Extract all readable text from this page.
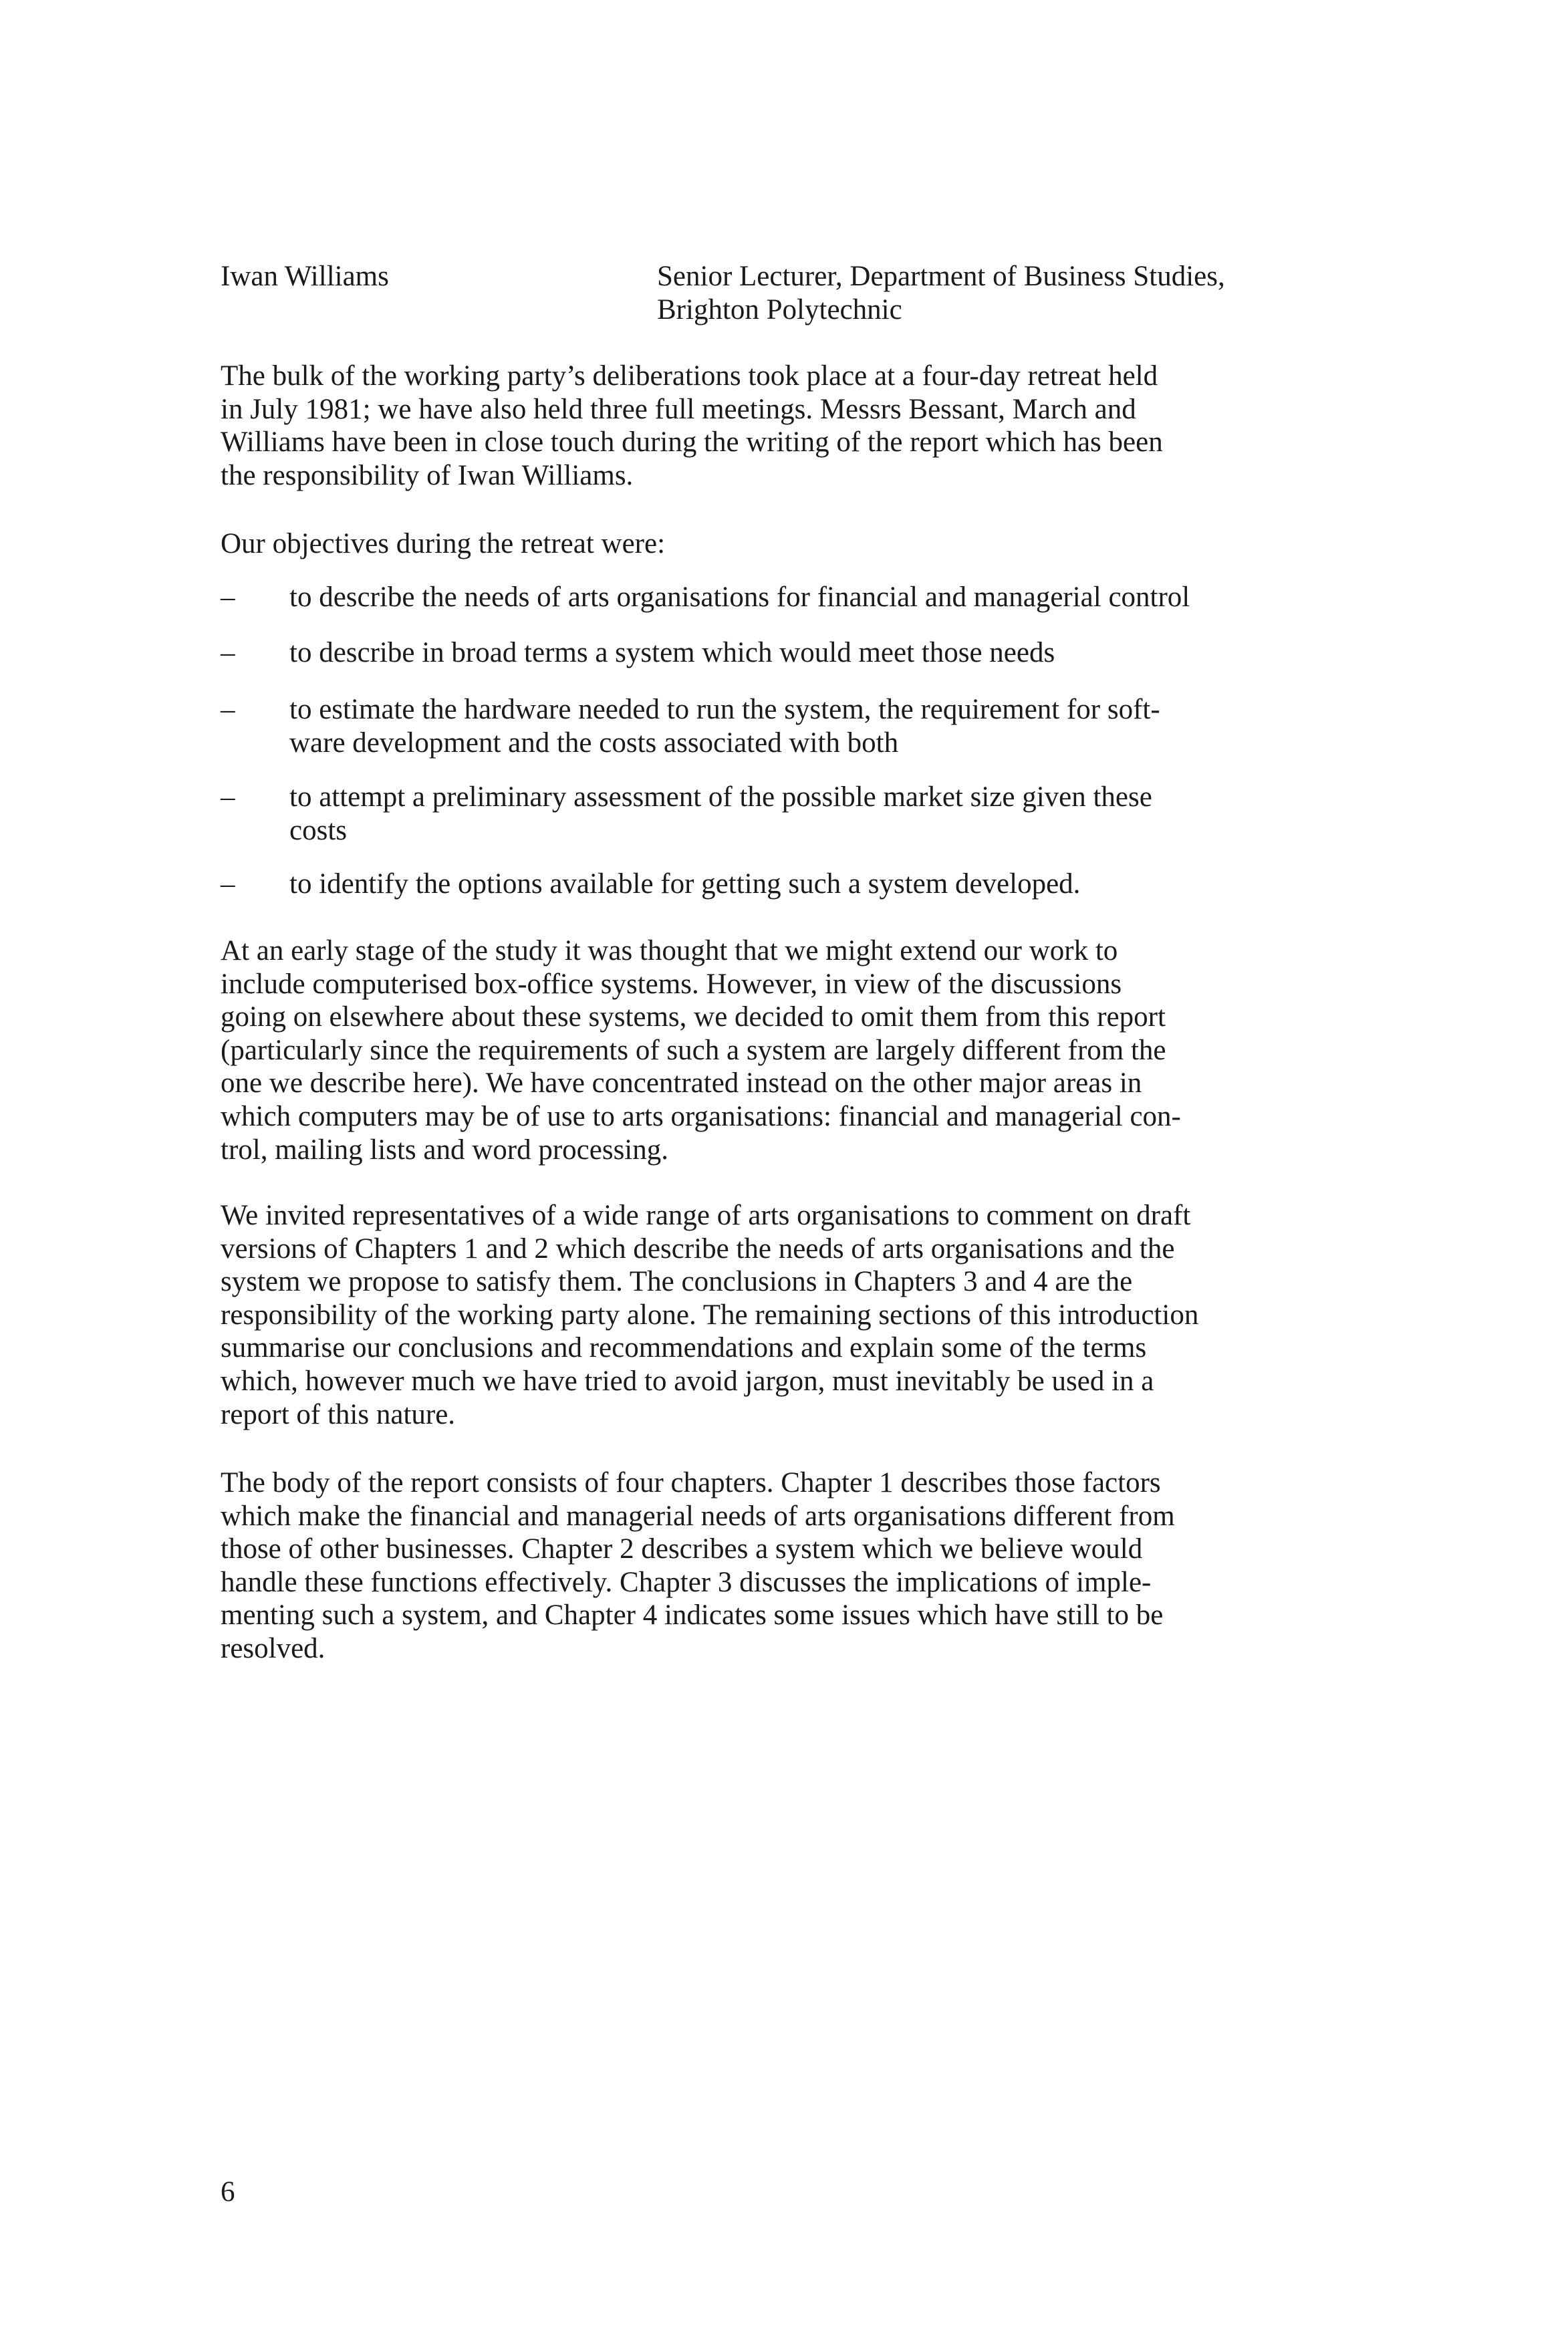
Iwan Williams	Senior Lecturer, Department of Business Studies,
Brighton Polytechnic
The bulk of the working party’s deliberations took place at a four-day retreat held
in July 1981; we have also held three full meetings. Messrs Bessant, March and
Williams have been in close touch during the writing of the report which has been
the responsibility of Iwan Williams.
Our objectives during the retreat were:
– to describe the needs of arts organisations for financial and managerial control
– to describe in broad terms a system which would meet those needs
– to estimate the hardware needed to run the system, the requirement for soft-
ware development and the costs associated with both
– to attempt a preliminary assessment of the possible market size given these
costs
– to identify the options available for getting such a system developed.
At an early stage of the study it was thought that we might extend our work to
include computerised box-office systems. However, in view of the discussions
going on elsewhere about these systems, we decided to omit them from this report
(particularly since the requirements of such a system are largely different from the
one we describe here). We have concentrated instead on the other major areas in
which computers may be of use to arts organisations: financial and managerial con-
trol, mailing lists and word processing.
We invited representatives of a wide range of arts organisations to comment on draft
versions of Chapters 1 and 2 which describe the needs of arts organisations and the
system we propose to satisfy them. The conclusions in Chapters 3 and 4 are the
responsibility of the working party alone. The remaining sections of this introduction
summarise our conclusions and recommendations and explain some of the terms
which, however much we have tried to avoid jargon, must inevitably be used in a
report of this nature.
The body of the report consists of four chapters. Chapter 1 describes those factors
which make the financial and managerial needs of arts organisations different from
those of other businesses. Chapter 2 describes a system which we believe would
handle these functions effectively. Chapter 3 discusses the implications of imple-
menting such a system, and Chapter 4 indicates some issues which have still to be
resolved.
6
